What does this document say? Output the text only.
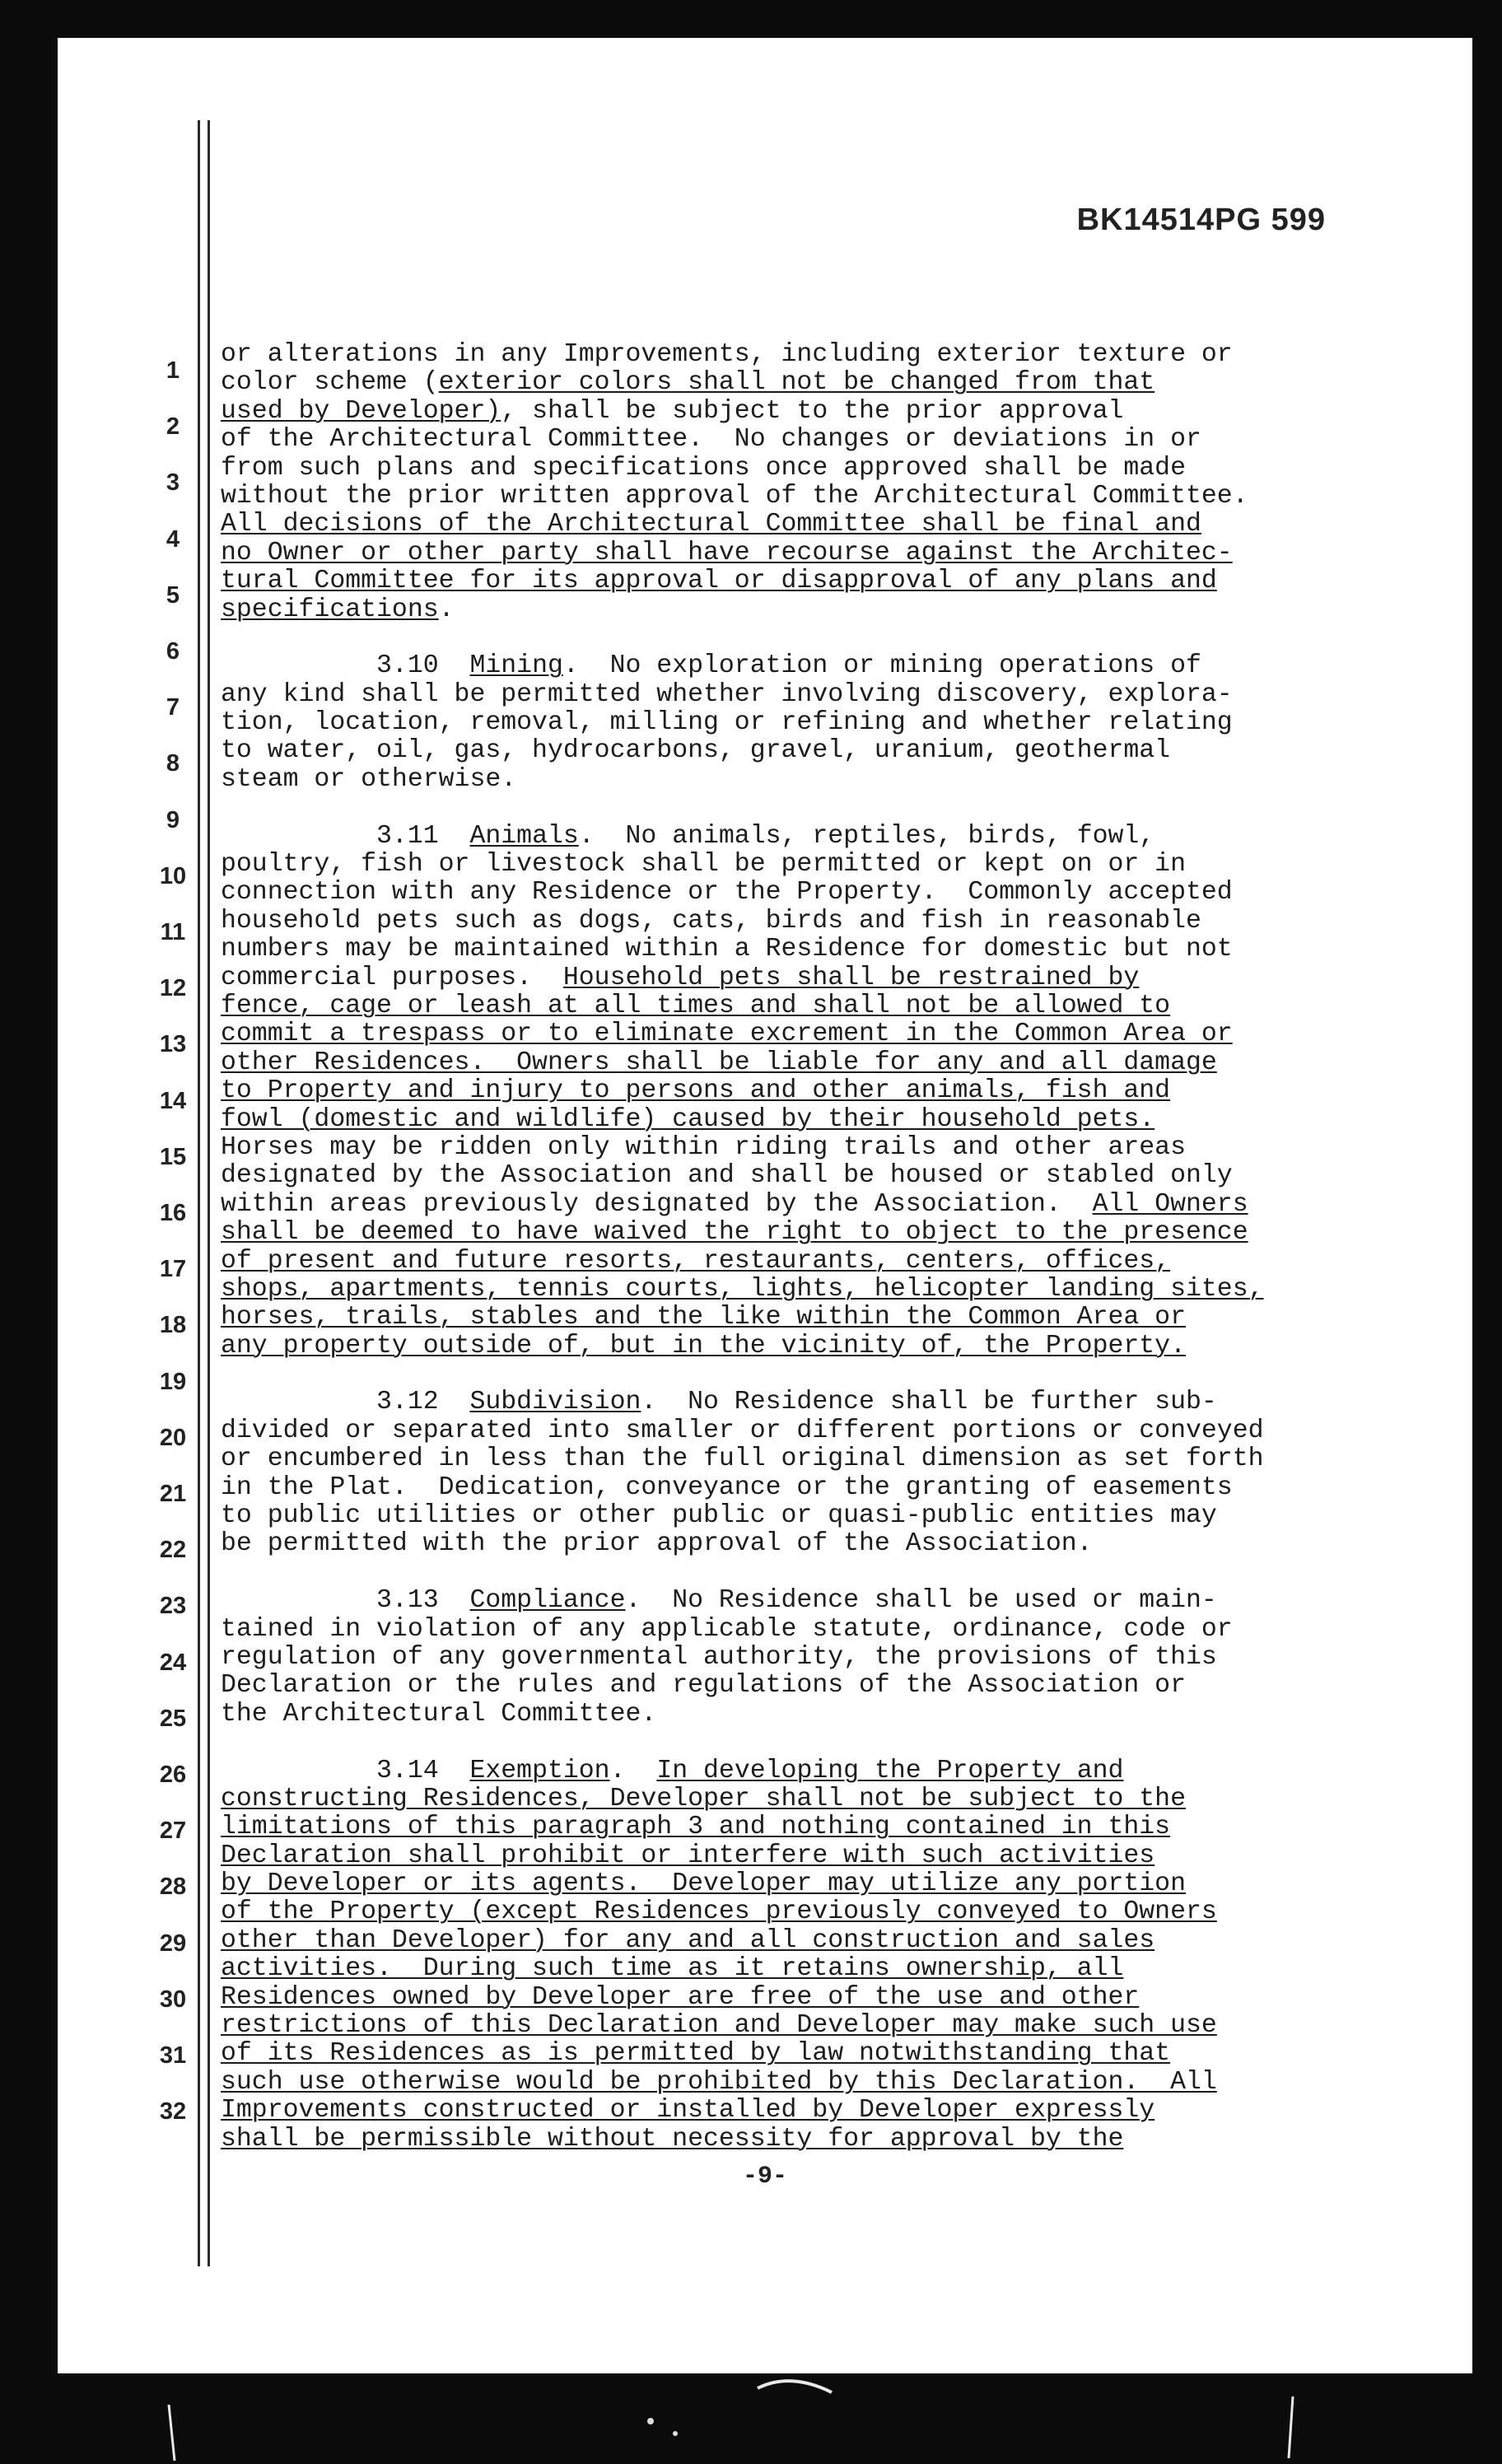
BK14514PG 599
1
2
3
4
5
6
7
8
9
10
11
12
13
14
15
16
17
18
19
20
21
22
23
24
25
26
27
28
29
30
31
32
or alterations in any Improvements, including exterior texture or
color scheme (exterior colors shall not be changed from that
used by Developer), shall be subject to the prior approval
of the Architectural Committee.  No changes or deviations in or
from such plans and specifications once approved shall be made
without the prior written approval of the Architectural Committee.
All decisions of the Architectural Committee shall be final and
no Owner or other party shall have recourse against the Architec-
tural Committee for its approval or disapproval of any plans and
specifications.
3.10  Mining.  No exploration or mining operations of
any kind shall be permitted whether involving discovery, explora-
tion, location, removal, milling or refining and whether relating
to water, oil, gas, hydrocarbons, gravel, uranium, geothermal
steam or otherwise.
3.11  Animals.  No animals, reptiles, birds, fowl,
poultry, fish or livestock shall be permitted or kept on or in
connection with any Residence or the Property.  Commonly accepted
household pets such as dogs, cats, birds and fish in reasonable
numbers may be maintained within a Residence for domestic but not
commercial purposes.  Household pets shall be restrained by
fence, cage or leash at all times and shall not be allowed to
commit a trespass or to eliminate excrement in the Common Area or
other Residences.  Owners shall be liable for any and all damage
to Property and injury to persons and other animals, fish and
fowl (domestic and wildlife) caused by their household pets.
Horses may be ridden only within riding trails and other areas
designated by the Association and shall be housed or stabled only
within areas previously designated by the Association.  All Owners
shall be deemed to have waived the right to object to the presence
of present and future resorts, restaurants, centers, offices,
shops, apartments, tennis courts, lights, helicopter landing sites,
horses, trails, stables and the like within the Common Area or
any property outside of, but in the vicinity of, the Property.
3.12  Subdivision.  No Residence shall be further sub-
divided or separated into smaller or different portions or conveyed
or encumbered in less than the full original dimension as set forth
in the Plat.  Dedication, conveyance or the granting of easements
to public utilities or other public or quasi-public entities may
be permitted with the prior approval of the Association.
3.13  Compliance.  No Residence shall be used or main-
tained in violation of any applicable statute, ordinance, code or
regulation of any governmental authority, the provisions of this
Declaration or the rules and regulations of the Association or
the Architectural Committee.
3.14  Exemption.  In developing the Property and
constructing Residences, Developer shall not be subject to the
limitations of this paragraph 3 and nothing contained in this
Declaration shall prohibit or interfere with such activities
by Developer or its agents.  Developer may utilize any portion
of the Property (except Residences previously conveyed to Owners
other than Developer) for any and all construction and sales
activities.  During such time as it retains ownership, all
Residences owned by Developer are free of the use and other
restrictions of this Declaration and Developer may make such use
of its Residences as is permitted by law notwithstanding that
such use otherwise would be prohibited by this Declaration.  All
Improvements constructed or installed by Developer expressly
shall be permissible without necessity for approval by the
-9-
